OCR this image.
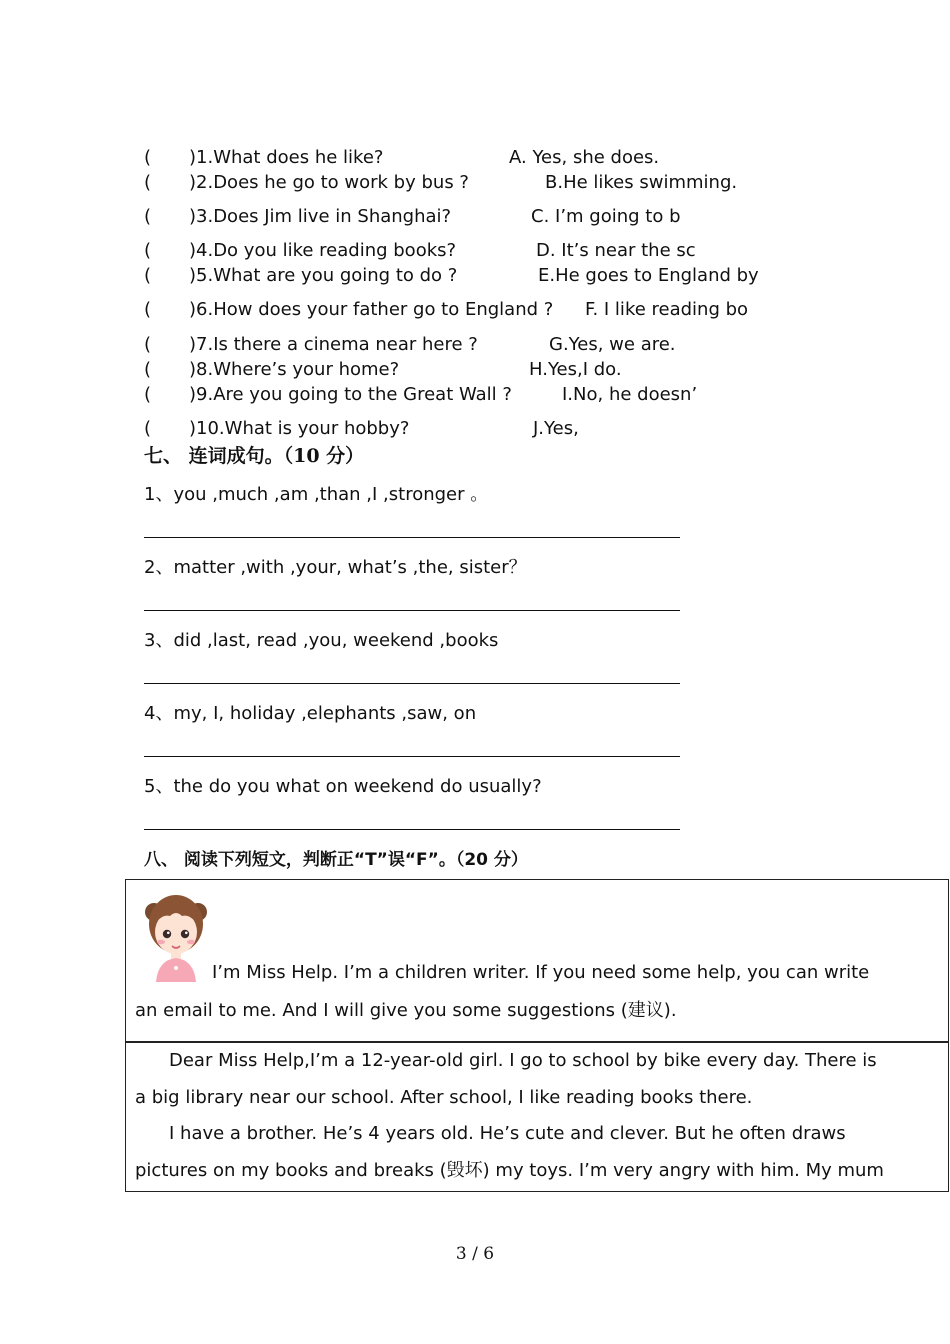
( )1.What does he like?	A. Yes, she does.
( )2.Does he go to work by bus ?	B.He likes swimming.
( )3.Does Jim live in Shanghai?	C. I’m going to b
( )4.Do you like reading books?	D. It’s near the sc
( )5.What are you going to do ?	E.He goes to England by
( )6.How does your father go to England ? F. I like reading bo
( )7.Is there a cinema near here ?	G.Yes, we are.
( )8.Where’s your home?	H.Yes,I do.
( )9.Are you going to the Great Wall ?	I.No, he doesn’
( )10.What is your hobby?	J.Yes,
七、 连词成句。（10 分）
1、you ,much ,am ,than ,I ,stronger 。
2、matter ,with ,your, what’s ,the, sister？
3、did ,last, read ,you, weekend ,books
4、my, I, holiday ,elephants ,saw, on
5、the do you what on weekend do usually?
八、 阅读下列短文，判断正“T”误“F”。（20 分）
I’m Miss Help. I’m a children writer. If you need some help, you can write
an email to me. And I will give you some suggestions (建议).
Dear Miss Help,I’m a 12-year-old girl. I go to school by bike every day. There is
a big library near our school. After school, I like reading books there.
I have a brother. He’s 4 years old. He’s cute and clever. But he often draws
pictures on my books and breaks (毁坏) my toys. I’m very angry with him. My mum
3 / 6
